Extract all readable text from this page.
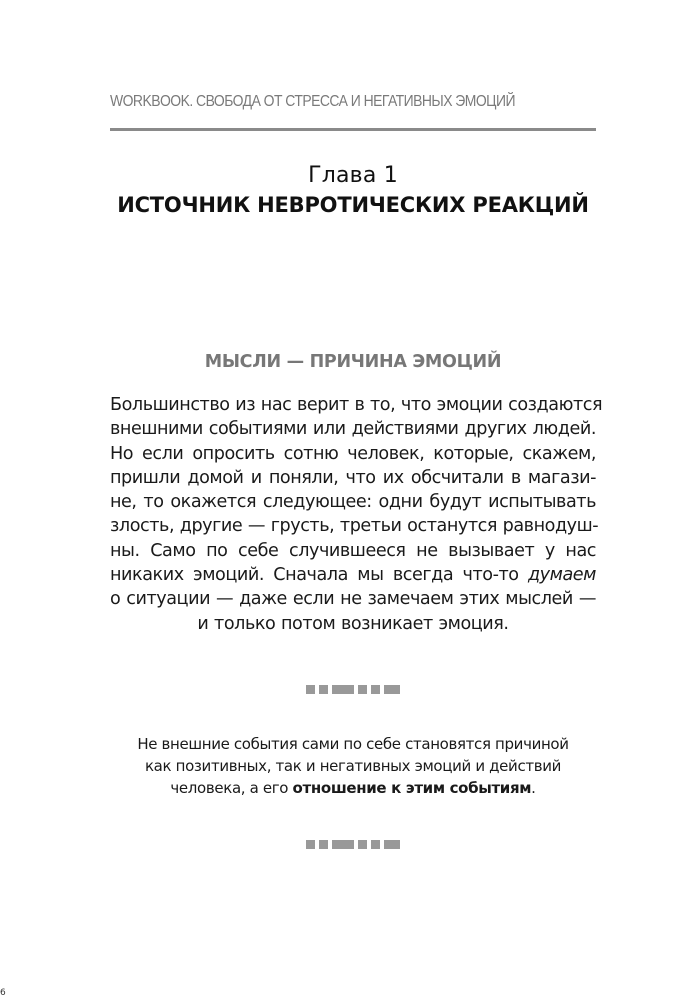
WORKBOOK. СВОБОДА ОТ СТРЕССА И НЕГАТИВНЫХ ЭМОЦИЙ
Глава 1
ИСТОЧНИК НЕВРОТИЧЕСКИХ РЕАКЦИЙ
МЫСЛИ — ПРИЧИНА ЭМОЦИЙ
Большинство из нас верит в то, что эмоции создаются
внешними событиями или действиями других людей.
Но если опросить сотню человек, которые, скажем,
пришли домой и поняли, что их обсчитали в магази-
не, то окажется следующее: одни будут испытывать
злость, другие — грусть, третьи останутся равнодуш-
ны. Само по себе случившееся не вызывает у нас
никаких эмоций. Сначала мы всегда что-то думаем
о ситуации — даже если не замечаем этих мыслей —
и только потом возникает эмоция.
Не внешние события сами по себе становятся причиной
как позитивных, так и негативных эмоций и действий
человека, а его отношение к этим событиям.
6
